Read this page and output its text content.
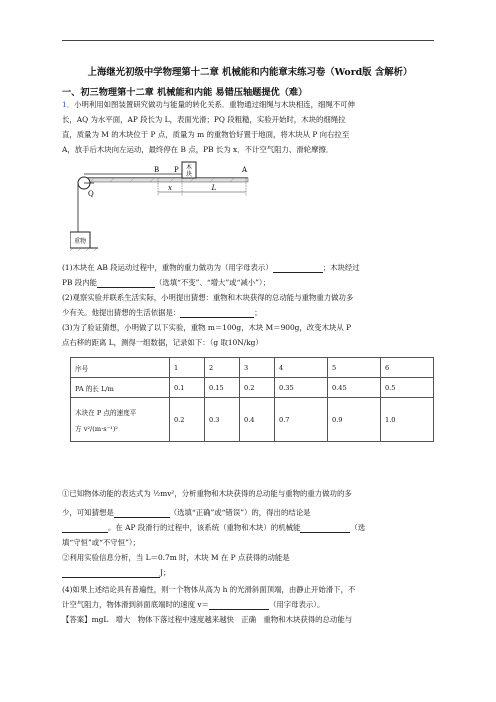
上海继光初级中学物理第十二章 机械能和内能章末练习卷（Word版 含解析）
一、初三物理第十二章 机械能和内能 易错压轴题提优（难）
1．小明利用如图装置研究做功与能量的转化关系．重物通过细绳与木块相连，细绳不可伸
长，AQ 为水平面，AP 段长为 L，表面光滑；PQ 段粗糙，实验开始时，木块的细绳拉
直，质量为 M 的木块位于 P 点，质量为 m 的重物恰好置于地面，将木块从 P 向右拉至
A，放手后木块向左运动，最终停在 B 点，PB 长为 x．不计空气阻力、滑轮摩擦．
木
块
重物
Q
B P	A
x	L
(1)木块在 AB 段运动过程中，重物的重力做功为（用字母表示）	；木块经过
PB 段内能	（选填“不变”、“增大”或“减小”）；
(2)观察实验并联系生活实际，小明提出猜想：重物和木块获得的总动能与重物重力做功多
少有关。他提出猜想的生活依据是：	；
(3)为了验证猜想，小明做了以下实验，重物 m＝100g，木块 M＝900g，改变木块从 P
点右移的距离 L，测得一组数据，记录如下：（g 取10N/kg）
序号	1	2	3	4	5	6
PA 的长 L/m	0.1	0.15	0.2	0.35	0.45	0.5

木块在 P 点的速度平
方 v²/(m·s⁻¹)²	0.2	0.3	0.4	0.7	0.9	1.0
①已知物体动能的表达式为 ½mv²，分析重物和木块获得的总动能与重物的重力做功的多
少，可知猜想是	（选填“正确”或“错误”）的，得出的结论是
。在 AP 段滑行的过程中，该系统（重物和木块）的机械能	（选
填“守恒”或“不守恒”）；
②利用实验信息分析，当 L＝0.7m 时，木块 M 在 P 点获得的动能是
J；
(4)如果上述结论具有普遍性，则一个物体从高为 h 的光滑斜面顶端，由静止开始滑下，不
计空气阻力，物体滑到斜面底端时的速度 v＝	（用字母表示）。
【答案】mgL　增大　物体下落过程中速度越来越快　正确　重物和木块获得的总动能与
